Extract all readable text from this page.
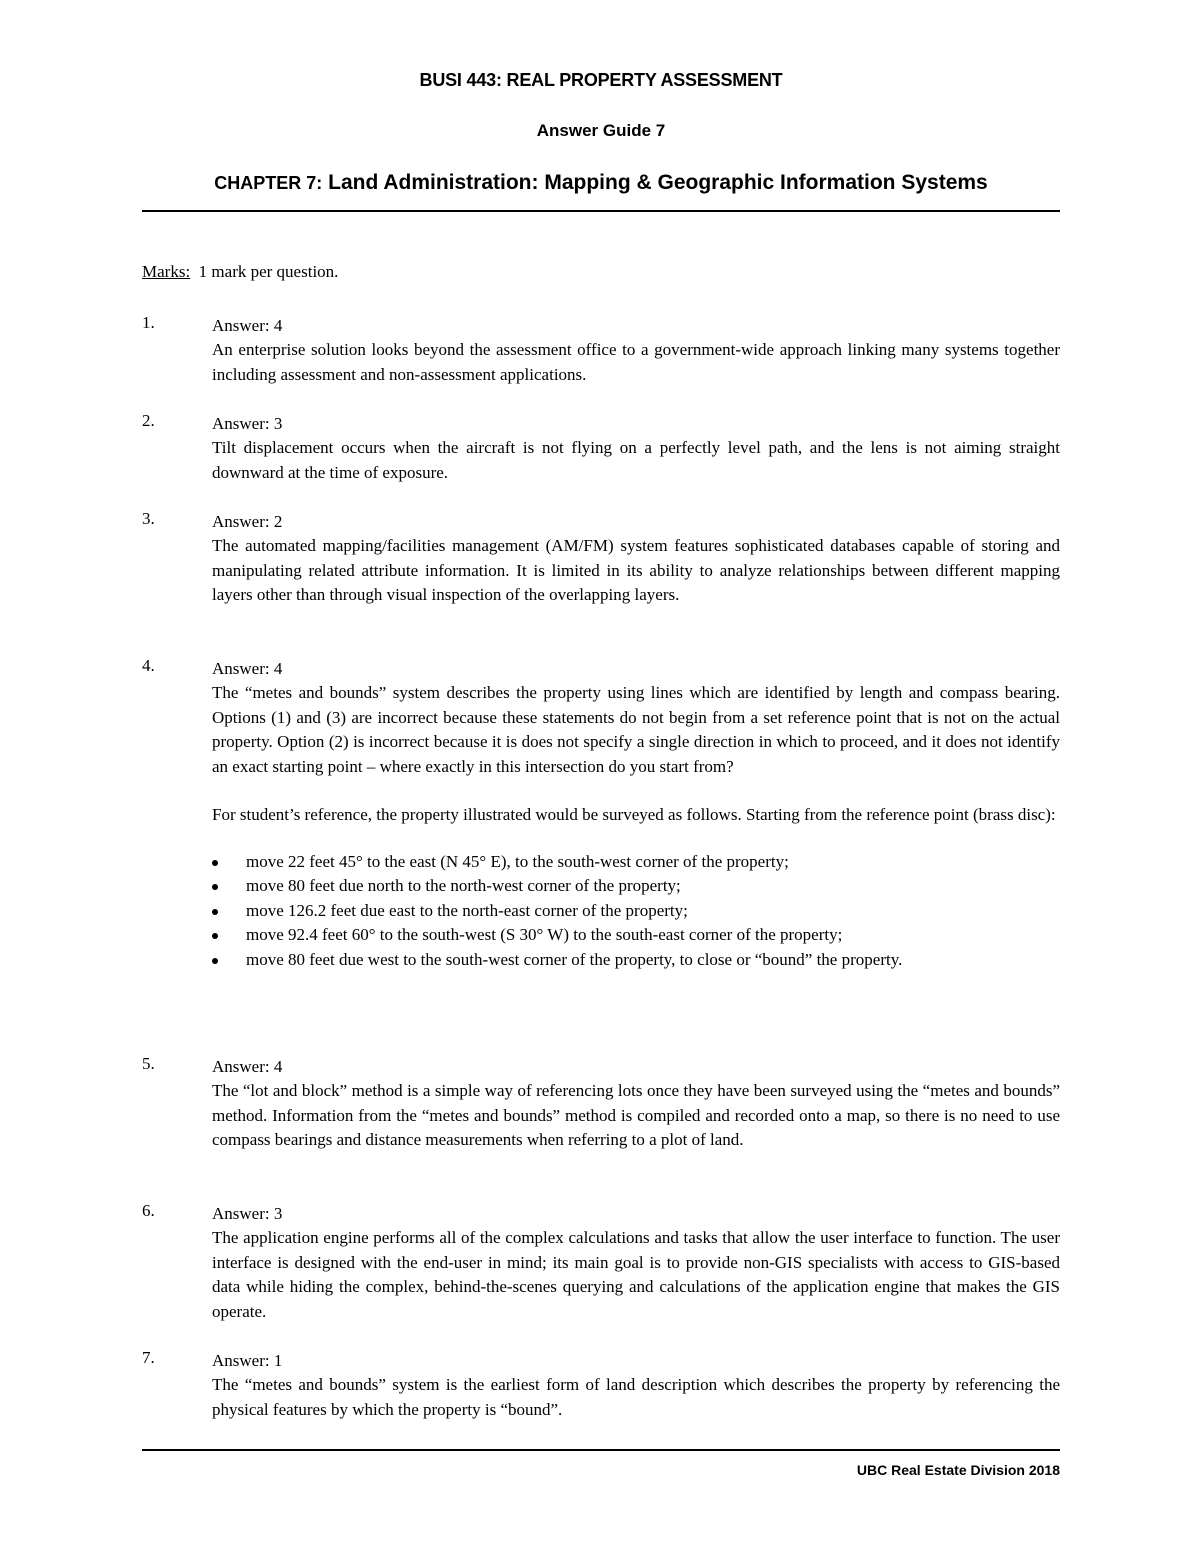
BUSI 443: REAL PROPERTY ASSESSMENT
Answer Guide 7
CHAPTER 7: Land Administration: Mapping & Geographic Information Systems
Marks: 1 mark per question.
1.	Answer: 4
An enterprise solution looks beyond the assessment office to a government-wide approach linking many systems together including assessment and non-assessment applications.
2.	Answer: 3
Tilt displacement occurs when the aircraft is not flying on a perfectly level path, and the lens is not aiming straight downward at the time of exposure.
3.	Answer: 2
The automated mapping/facilities management (AM/FM) system features sophisticated databases capable of storing and manipulating related attribute information. It is limited in its ability to analyze relationships between different mapping layers other than through visual inspection of the overlapping layers.
4.	Answer: 4
The “metes and bounds” system describes the property using lines which are identified by length and compass bearing. Options (1) and (3) are incorrect because these statements do not begin from a set reference point that is not on the actual property. Option (2) is incorrect because it is does not specify a single direction in which to proceed, and it does not identify an exact starting point – where exactly in this intersection do you start from?
For student’s reference, the property illustrated would be surveyed as follows. Starting from the reference point (brass disc):
move 22 feet 45° to the east (N 45° E), to the south-west corner of the property;
move 80 feet due north to the north-west corner of the property;
move 126.2 feet due east to the north-east corner of the property;
move 92.4 feet 60° to the south-west (S 30° W) to the south-east corner of the property;
move 80 feet due west to the south-west corner of the property, to close or “bound” the property.
5.	Answer: 4
The “lot and block” method is a simple way of referencing lots once they have been surveyed using the “metes and bounds” method. Information from the “metes and bounds” method is compiled and recorded onto a map, so there is no need to use compass bearings and distance measurements when referring to a plot of land.
6.	Answer: 3
The application engine performs all of the complex calculations and tasks that allow the user interface to function. The user interface is designed with the end-user in mind; its main goal is to provide non-GIS specialists with access to GIS-based data while hiding the complex, behind-the-scenes querying and calculations of the application engine that makes the GIS operate.
7.	Answer: 1
The “metes and bounds” system is the earliest form of land description which describes the property by referencing the physical features by which the property is “bound”.
UBC Real Estate Division 2018
